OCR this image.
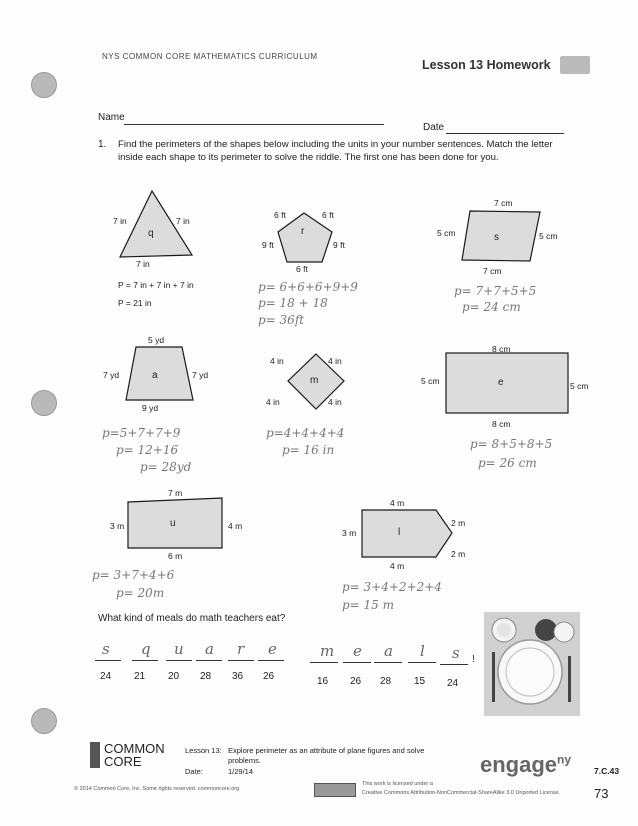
NYS COMMON CORE MATHEMATICS CURRICULUM
Lesson 13 Homework
Name
Date
1. Find the perimeters of the shapes below including the units in your number sentences. Match the letter
inside each shape to its perimeter to solve the riddle. The first one has been done for you.
q
7 in	7 in
7 in
P = 7 in + 7 in + 7 in
P = 21 in
r
6 ft	6 ft
9 ft	9 ft
6 ft
p= 6+6+6+9+9
p= 18 + 18
p= 36ft
s
7 cm
5 cm	5 cm
7 cm
p= 7+7+5+5
p= 24 cm
a
5 yd
7 yd	7 yd
9 yd
p=5+7+7+9
p= 12+16
p= 28yd
m
4 in	4 in
4 in	4 in
p=4+4+4+4
p= 16 in
e
8 cm
5 cm	5 cm
8 cm
p= 8+5+8+5
p= 26 cm
u
7 m
3 m	4 m
6 m
p= 3+7+4+6
p= 20m
l
4 m
3 m
2 m
2 m
4 m
p= 3+4+2+2+4
p= 15 m
What kind of meals do math teachers eat?
s
24
q
21
u
20
a
28
r
36
e
26
m
16
e
26
a
28
l
15
s
24
!
COMMON
CORE
Lesson 13: Explore perimeter as an attribute of plane figures and solve
problems.
Date:	1/29/14	engage$^{ny}$
7.C.43
73
© 2014 Common Core, Inc. Some rights reserved. commoncore.org
This work is licensed under a
Creative Commons Attribution-NonCommercial-ShareAlike 3.0 Unported License.
